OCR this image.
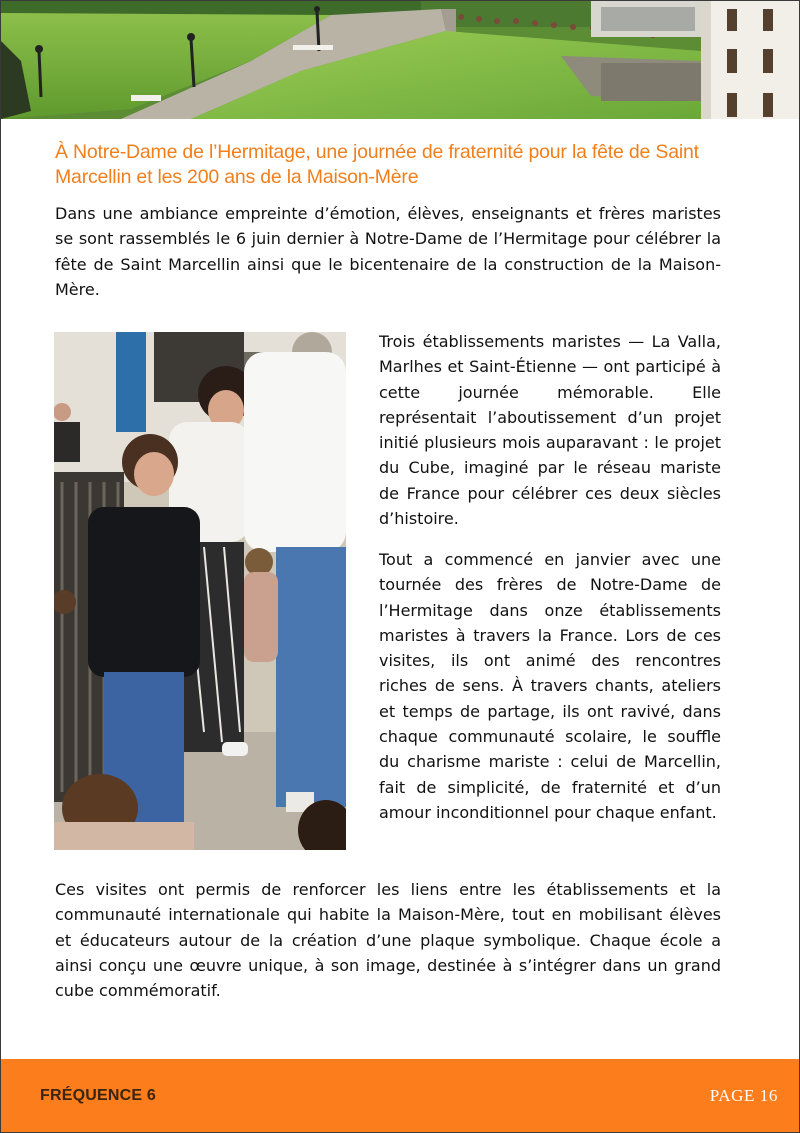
À Notre-Dame de l’Hermitage, une journée de fraternité pour la fête de Saint Marcellin et les 200 ans de la Maison-Mère

Dans une ambiance empreinte d’émotion, élèves, enseignants et frères maristes se sont rassemblés le 6 juin dernier à Notre-Dame de l’Hermitage pour célébrer la fête de Saint Marcellin ainsi que le bicentenaire de la construction de la Maison-Mère.

Trois établissements maristes — La Valla, Marlhes et Saint-Étienne — ont participé à cette journée mémorable. Elle représentait l’aboutissement d’un projet initié plusieurs mois auparavant : le projet du Cube, imaginé par le réseau mariste de France pour célébrer ces deux siècles d’histoire.

Tout a commencé en janvier avec une tournée des frères de Notre-Dame de l’Hermitage dans onze établissements maristes à travers la France. Lors de ces visites, ils ont animé des rencontres riches de sens. À travers chants, ateliers et temps de partage, ils ont ravivé, dans chaque communauté scolaire, le souffle du charisme mariste : celui de Marcellin, fait de simplicité, de fraternité et d’un amour inconditionnel pour chaque enfant.

Ces visites ont permis de renforcer les liens entre les établissements et la communauté internationale qui habite la Maison-Mère, tout en mobilisant élèves et éducateurs autour de la création d’une plaque symbolique. Chaque école a ainsi conçu une œuvre unique, à son image, destinée à s’intégrer dans un grand cube commémoratif.

FRÉQUENCE 6	PAGE 16
